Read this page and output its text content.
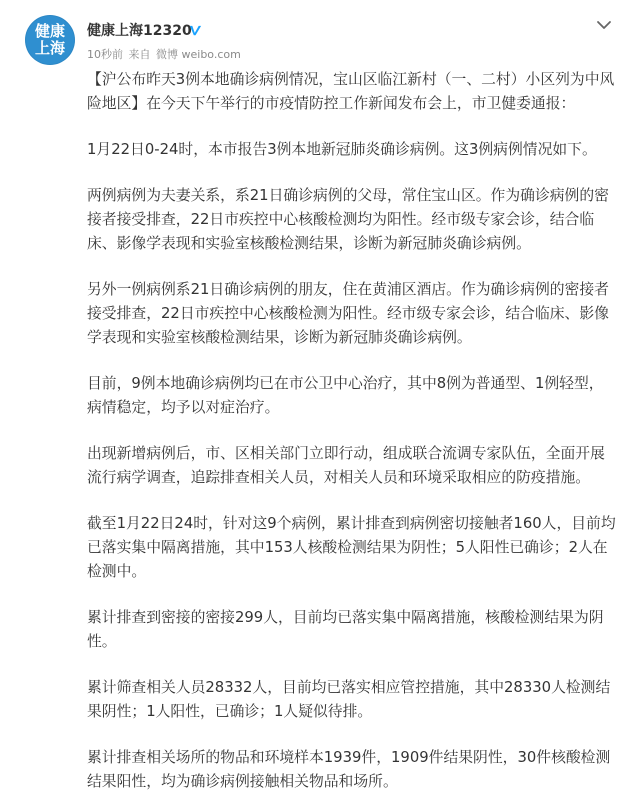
健康
上海
健康上海12320
10秒前 来自 微博 weibo.com

【沪公布昨天3例本地确诊病例情况，宝山区临江新村（一、二村）小区列为中风险地区】在今天下午举行的市疫情防控工作新闻发布会上，市卫健委通报：

1月22日0-24时，本市报告3例本地新冠肺炎确诊病例。这3例病例情况如下。

两例病例为夫妻关系，系21日确诊病例的父母，常住宝山区。作为确诊病例的密接者接受排查，22日市疾控中心核酸检测均为阳性。经市级专家会诊，结合临床、影像学表现和实验室核酸检测结果，诊断为新冠肺炎确诊病例。

另外一例病例系21日确诊病例的朋友，住在黄浦区酒店。作为确诊病例的密接者接受排查，22日市疾控中心核酸检测为阳性。经市级专家会诊，结合临床、影像学表现和实验室核酸检测结果，诊断为新冠肺炎确诊病例。

目前，9例本地确诊病例均已在市公卫中心治疗，其中8例为普通型、1例轻型，病情稳定，均予以对症治疗。

出现新增病例后，市、区相关部门立即行动，组成联合流调专家队伍，全面开展流行病学调查，追踪排查相关人员，对相关人员和环境采取相应的防疫措施。

截至1月22日24时，针对这9个病例，累计排查到病例密切接触者160人，目前均已落实集中隔离措施，其中153人核酸检测结果为阴性；5人阳性已确诊；2人在检测中。

累计排查到密接的密接299人，目前均已落实集中隔离措施，核酸检测结果为阴性。

累计筛查相关人员28332人，目前均已落实相应管控措施，其中28330人检测结果阴性；1人阳性，已确诊；1人疑似待排。

累计排查相关场所的物品和环境样本1939件，1909件结果阴性，30件核酸检测结果阳性，均为确诊病例接触相关物品和场所。
